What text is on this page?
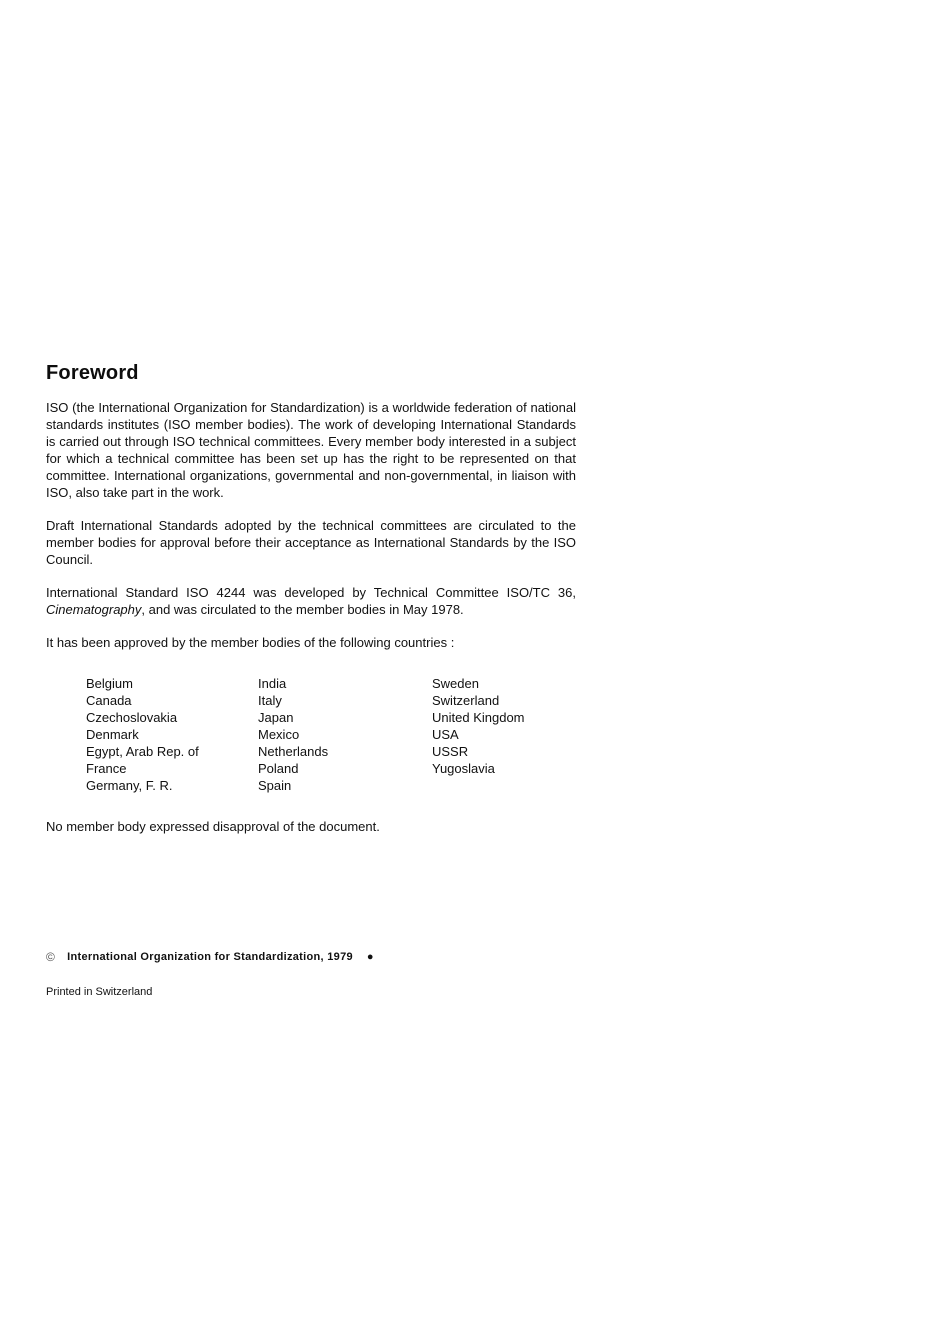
Foreword

ISO (the International Organization for Standardization) is a worldwide federation of national standards institutes (ISO member bodies). The work of developing International Standards is carried out through ISO technical committees. Every member body interested in a subject for which a technical committee has been set up has the right to be represented on that committee. International organizations, governmental and non-governmental, in liaison with ISO, also take part in the work.

Draft International Standards adopted by the technical committees are circulated to the member bodies for approval before their acceptance as International Standards by the ISO Council.

International Standard ISO 4244 was developed by Technical Committee ISO/TC 36, Cinematography, and was circulated to the member bodies in May 1978.

It has been approved by the member bodies of the following countries :

Belgium
Canada
Czechoslovakia
Denmark
Egypt, Arab Rep. of
France
Germany, F. R.
India
Italy
Japan
Mexico
Netherlands
Poland
Spain
Sweden
Switzerland
United Kingdom
USA
USSR
Yugoslavia

No member body expressed disapproval of the document.

© International Organization for Standardization, 1979 ●
Printed in Switzerland
